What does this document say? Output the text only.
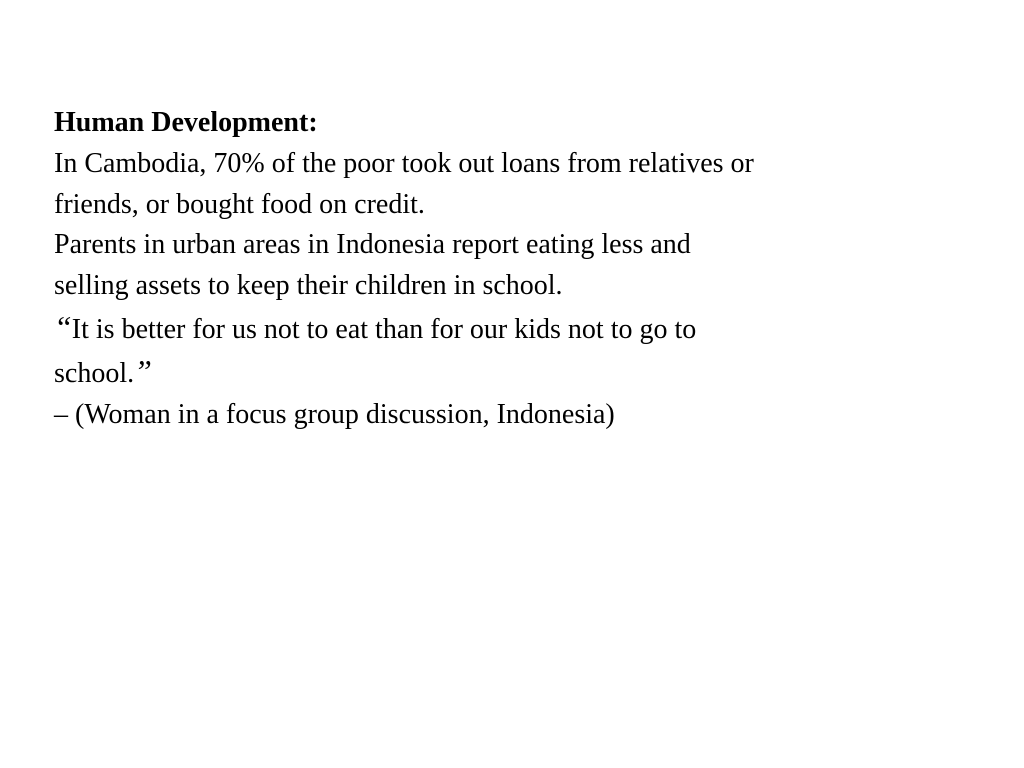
Human Development:
In Cambodia, 70% of the poor took out loans from relatives or
friends, or bought food on credit.
Parents in urban areas in Indonesia report eating less and
selling assets to keep their children in school.
“It is better for us not to eat than for our kids not to go to
school.”
– (Woman in a focus group discussion, Indonesia)
